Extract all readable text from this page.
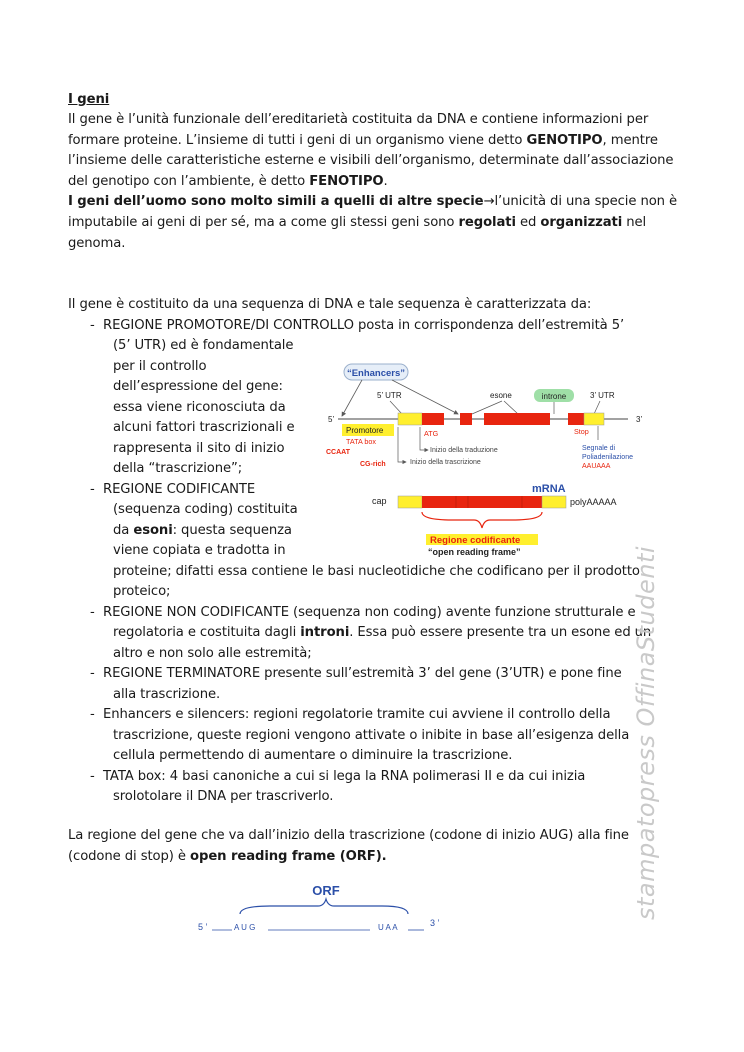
I geni
Il gene è l’unità funzionale dell’ereditarietà costituita da DNA e contiene informazioni per formare proteine. L’insieme di tutti i geni di un organismo viene detto GENOTIPO, mentre l’insieme delle caratteristiche esterne e visibili dell’organismo, determinate dall’associazione del genotipo con l’ambiente, è detto FENOTIPO.
I geni dell’uomo sono molto simili a quelli di altre specie→l’unicità di una specie non è imputabile ai geni di per sé, ma a come gli stessi geni sono regolati ed organizzati nel genoma.
Il gene è costituito da una sequenza di DNA e tale sequenza è caratterizzata da:
- REGIONE PROMOTORE/DI CONTROLLO posta in corrispondenza dell’estremità 5’
(5’ UTR) ed è fondamentale
per il controllo
dell’espressione del gene:
essa viene riconosciuta da
alcuni fattori trascrizionali e
rappresenta il sito di inizio
della “trascrizione”;
- REGIONE CODIFICANTE
(sequenza coding) costituita
da esoni: questa sequenza
viene copiata e tradotta in
proteine; difatti essa contiene le basi nucleotidiche che codificano per il prodotto
proteico;
- REGIONE NON CODIFICANTE (sequenza non coding) avente funzione strutturale e
regolatoria e costituita dagli introni. Essa può essere presente tra un esone ed un
altro e non solo alle estremità;
- REGIONE TERMINATORE presente sull’estremità 3’ del gene (3’UTR) e pone fine
alla trascrizione.
- Enhancers e silencers: regioni regolatorie tramite cui avviene il controllo della
trascrizione, queste regioni vengono attivate o inibite in base all’esigenza della
cellula permettendo di aumentare o diminuire la trascrizione.
- TATA box: 4 basi canoniche a cui si lega la RNA polimerasi II e da cui inizia
srolotolare il DNA per trascriverlo.
La regione del gene che va dall’inizio della trascrizione (codone di inizio AUG) alla fine (codone di stop) è open reading frame (ORF).
“Enhancers”
5’ UTR	esone	introne	3’ UTR
5’	3’
Promotore
TATA box
CCAAT
CG-rich
ATG
Inizio della traduzione
Inizio della trascrizione
Stop
Segnale di
Poliadenilazione
AAUAAA
mRNA
cap	polyAAAAA
Regione codificante
“open reading frame”
ORF
5 ’	A U G	U A A	3 ’
stampatopress OffinaStudenti
